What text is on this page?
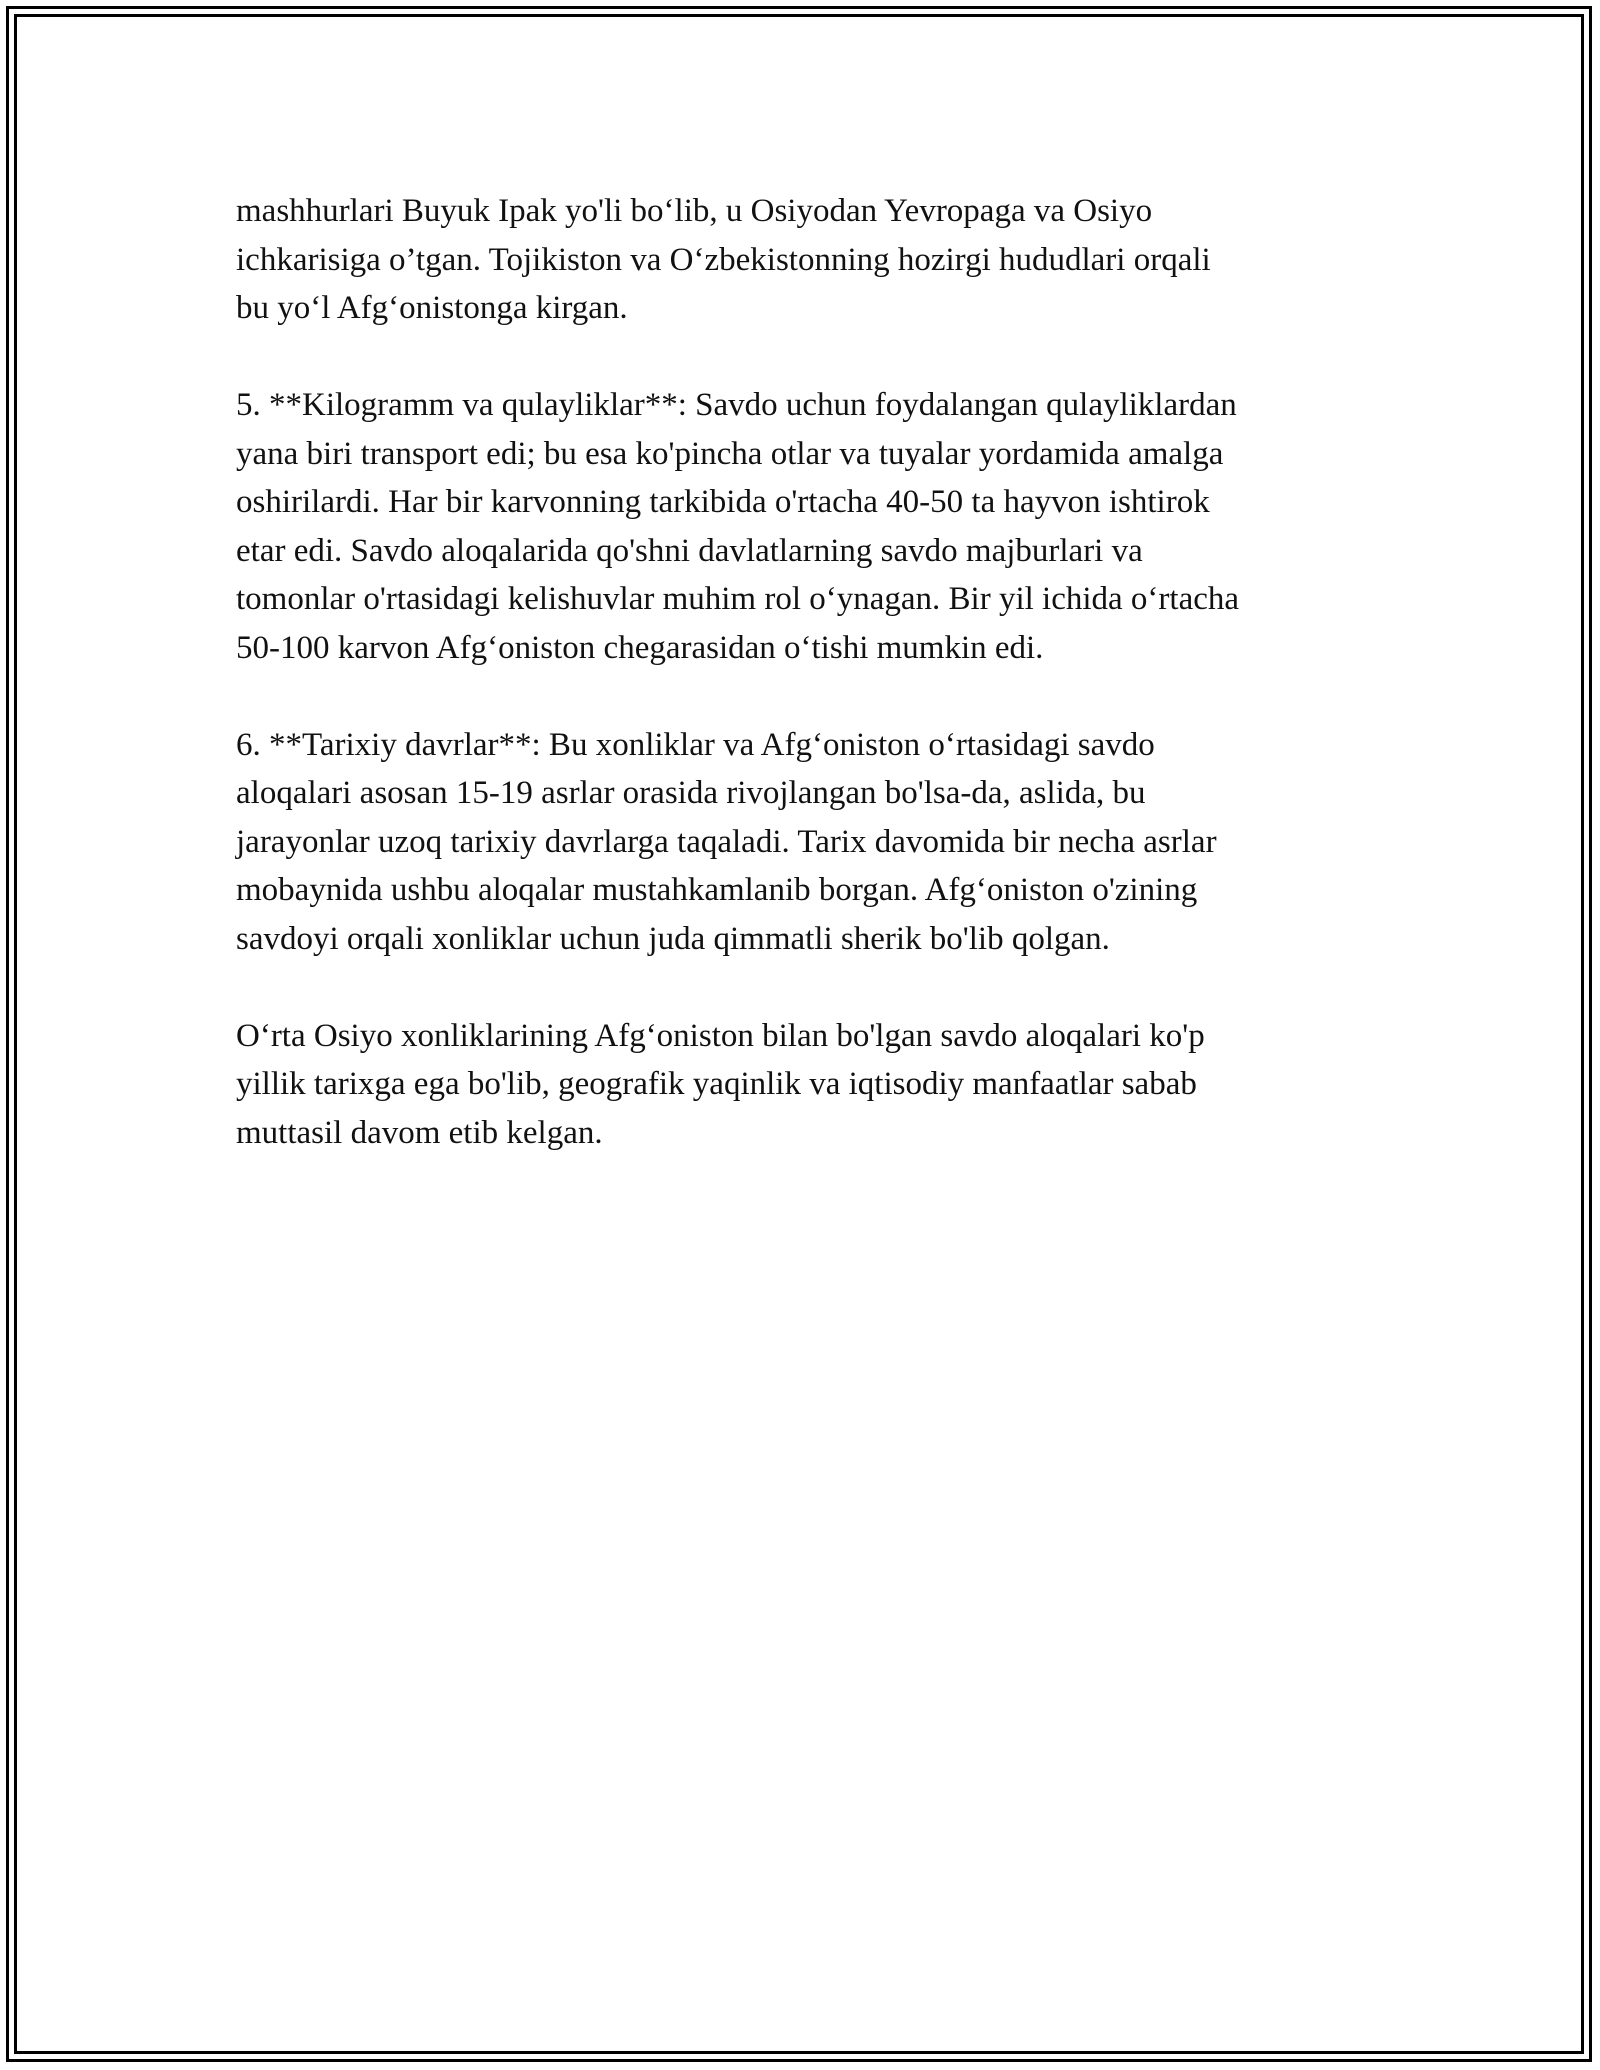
mashhurlari Buyuk Ipak yo'li bo‘lib, u Osiyodan Yevropaga va Osiyo
ichkarisiga o’tgan. Tojikiston va O‘zbekistonning hozirgi hududlari orqali
bu yo‘l Afg‘onistonga kirgan.

5. **Kilogramm va qulayliklar**: Savdo uchun foydalangan qulayliklardan
yana biri transport edi; bu esa ko'pincha otlar va tuyalar yordamida amalga
oshirilardi. Har bir karvonning tarkibida o'rtacha 40-50 ta hayvon ishtirok
etar edi. Savdo aloqalarida qo'shni davlatlarning savdo majburlari va
tomonlar o'rtasidagi kelishuvlar muhim rol o‘ynagan. Bir yil ichida o‘rtacha
50-100 karvon Afg‘oniston chegarasidan o‘tishi mumkin edi.

6. **Tarixiy davrlar**: Bu xonliklar va Afg‘oniston o‘rtasidagi savdo
aloqalari asosan 15-19 asrlar orasida rivojlangan bo'lsa-da, aslida, bu
jarayonlar uzoq tarixiy davrlarga taqaladi. Tarix davomida bir necha asrlar
mobaynida ushbu aloqalar mustahkamlanib borgan. Afg‘oniston o'zining
savdoyi orqali xonliklar uchun juda qimmatli sherik bo'lib qolgan.

O‘rta Osiyo xonliklarining Afg‘oniston bilan bo'lgan savdo aloqalari ko'p
yillik tarixga ega bo'lib, geografik yaqinlik va iqtisodiy manfaatlar sabab
muttasil davom etib kelgan.
